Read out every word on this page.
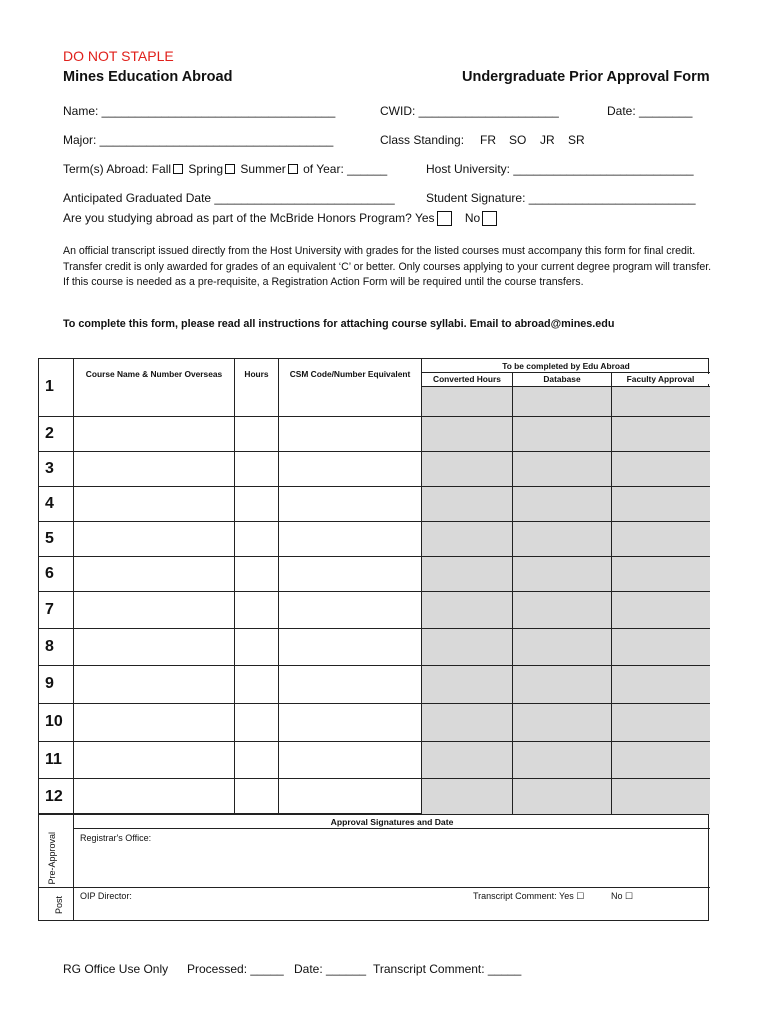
DO NOT STAPLE
Mines Education Abroad	Undergraduate Prior Approval Form
Name: ___________________________________	CWID: _____________________	Date: ________
Major: ___________________________________	Class Standing: FR SO JR SR
Term(s) Abroad: Fall Spring Summer of Year: ______	Host University: ___________________________
Anticipated Graduated Date ___________________________	Student Signature: _________________________
Are you studying abroad as part of the McBride Honors Program? Yes	No
An official transcript issued directly from the Host University with grades for the listed courses must accompany this form for final credit. Transfer credit is only awarded for grades of an equivalent ‘C’ or better. Only courses applying to your current degree program will transfer. If this course is needed as a pre-requisite, a Registration Action Form will be required until the course transfers.
To complete this form, please read all instructions for attaching course syllabi. Email to abroad@mines.edu
Course Name & Number Overseas	Hours	CSM Code/Number Equivalent
To be completed by Edu Abroad
Converted Hours	Database	Faculty Approval
1
2
3
4
5
6
7
8
9
10
11
12
Approval Signatures and Date
Pre-Approval
Post
Registrar's Office:
OIP Director:	Transcript Comment: Yes ☐	No ☐
RG Office Use Only Processed: _____ Date: ______ Transcript Comment: _____
